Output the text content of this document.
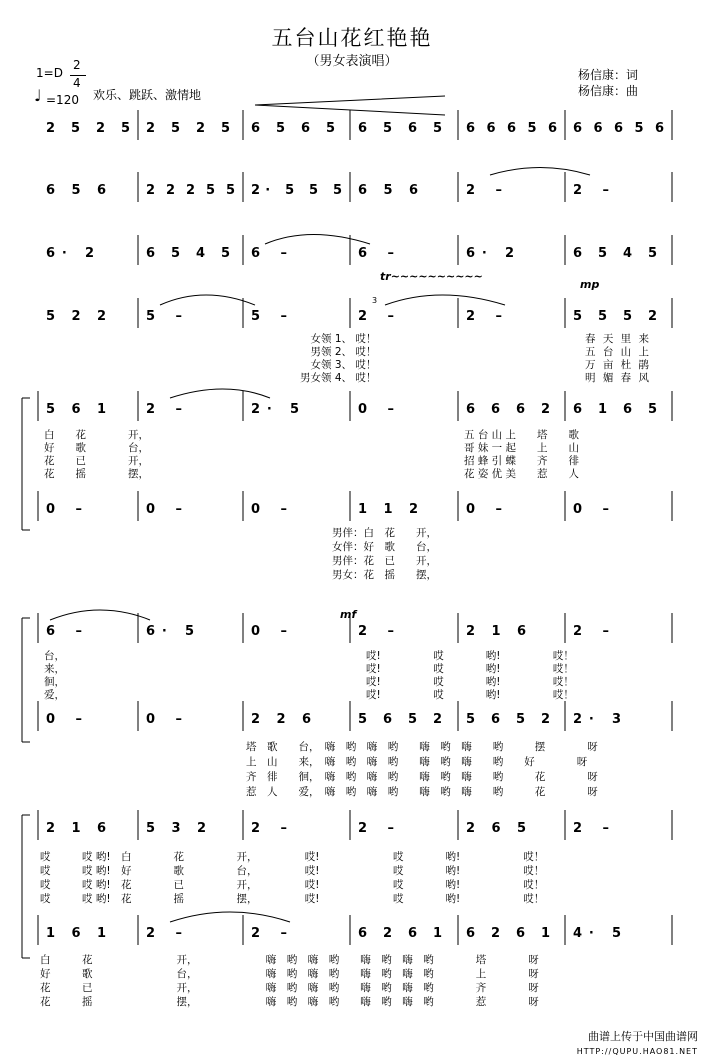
五台山花红艳艳
（男女表演唱）
1=D
2
4
♩ =120 欢乐、跳跃、激情地
杨信康：词
杨信康：曲
2 5 2 5 2 5 2 5 6 5 6 5 6 5 6 5 6 6 6 5 6 6 6 6 5 6
6 5 6	2 2 2 5 5 2· 5 5 5 6 5 6	2 –	2 –
6· 2	6 5 4 5 6 –	6 –	6· 2	6 5 4 5
5 2 2	5 –	5 –	2 –	2 –	5 5 5 2
5 6 1	2 –	2· 5	0 –	6 6 6 2 6 1 6 5
0 –	0 –	0 –	1 1 2	0 –	0 –
6 –	6· 5	0 –	2 –	2 1 6	2 –
0 –	0 –	2 2 6	5 6 5 2 5 6 5 2 2· 3
2 1 6	5 3 2	2 –	2 –	2 6 5	2 –
1 6 1	2 –	2 –	6 2 6 1 6 2 6 1 4· 5
tr~~~~~~~~~~
mp
mf
3
女领 1、 哎！
男领 2、 哎！
女领 3、 哎！
男女领 4、 哎！
春 天 里 来
五 台 山 上
万 亩 杜 鹃
明 媚 春 风
白　　花　　　　开，
好　　歌　　　　台，
花　　已　　　　开，
花　　摇　　　　摆，
五 台 山 上　　塔　　歌
哥 妹 一 起　　上　　山
招 蜂 引 蝶　　齐　　徘
花 姿 优 美　　惹　　人
男伴：白　花　　开，
女伴：好　歌　　台，
男伴：花　已　　开，
男女：花　摇　　摆，
台，
来，
徊，
爱，
哎!　　　　　哎　　　　哟!　　　　　哎！
哎!　　　　　哎　　　　哟!　　　　　哎！
哎!　　　　　哎　　　　哟!　　　　　哎！
哎!　　　　　哎　　　　哟!　　　　　哎！
塔　歌　　台，　嗨　哟　嗨　哟　　嗨　哟　嗨　　哟　　　摆　　　　呀
上　山　　来，　嗨　哟　嗨　哟　　嗨　哟　嗨　　哟　　好　　　　呀
齐　徘　　徊，　嗨　哟　嗨　哟　　嗨　哟　嗨　　哟　　　花　　　　呀
惹　人　　爱，　嗨　哟　嗨　哟　　嗨　哟　嗨　　哟　　　花　　　　呀
哎　　　哎 哟!　白　　　　花　　　　　开，　　　　　哎!　　　　　　　哎　　　　哟!　　　　　　哎！
哎　　　哎 哟!　好　　　　歌　　　　　台，　　　　　哎!　　　　　　　哎　　　　哟!　　　　　　哎！
哎　　　哎 哟!　花　　　　已　　　　　开，　　　　　哎!　　　　　　　哎　　　　哟!　　　　　　哎！
哎　　　哎 哟!　花　　　　摇　　　　　摆，　　　　　哎!　　　　　　　哎　　　　哟!　　　　　　哎！
白　　　花　　　　　　　　开，　　　　　　　嗨　哟　嗨　哟　　嗨　哟　嗨　哟　　　　塔　　　　呀
好　　　歌　　　　　　　　台，　　　　　　　嗨　哟　嗨　哟　　嗨　哟　嗨　哟　　　　上　　　　呀
花　　　已　　　　　　　　开，　　　　　　　嗨　哟　嗨　哟　　嗨　哟　嗨　哟　　　　齐　　　　呀
花　　　摇　　　　　　　　摆，　　　　　　　嗨　哟　嗨　哟　　嗨　哟　嗨　哟　　　　惹　　　　呀
曲谱上传于中国曲谱网
HTTP://QUPU.HAO81.NET
